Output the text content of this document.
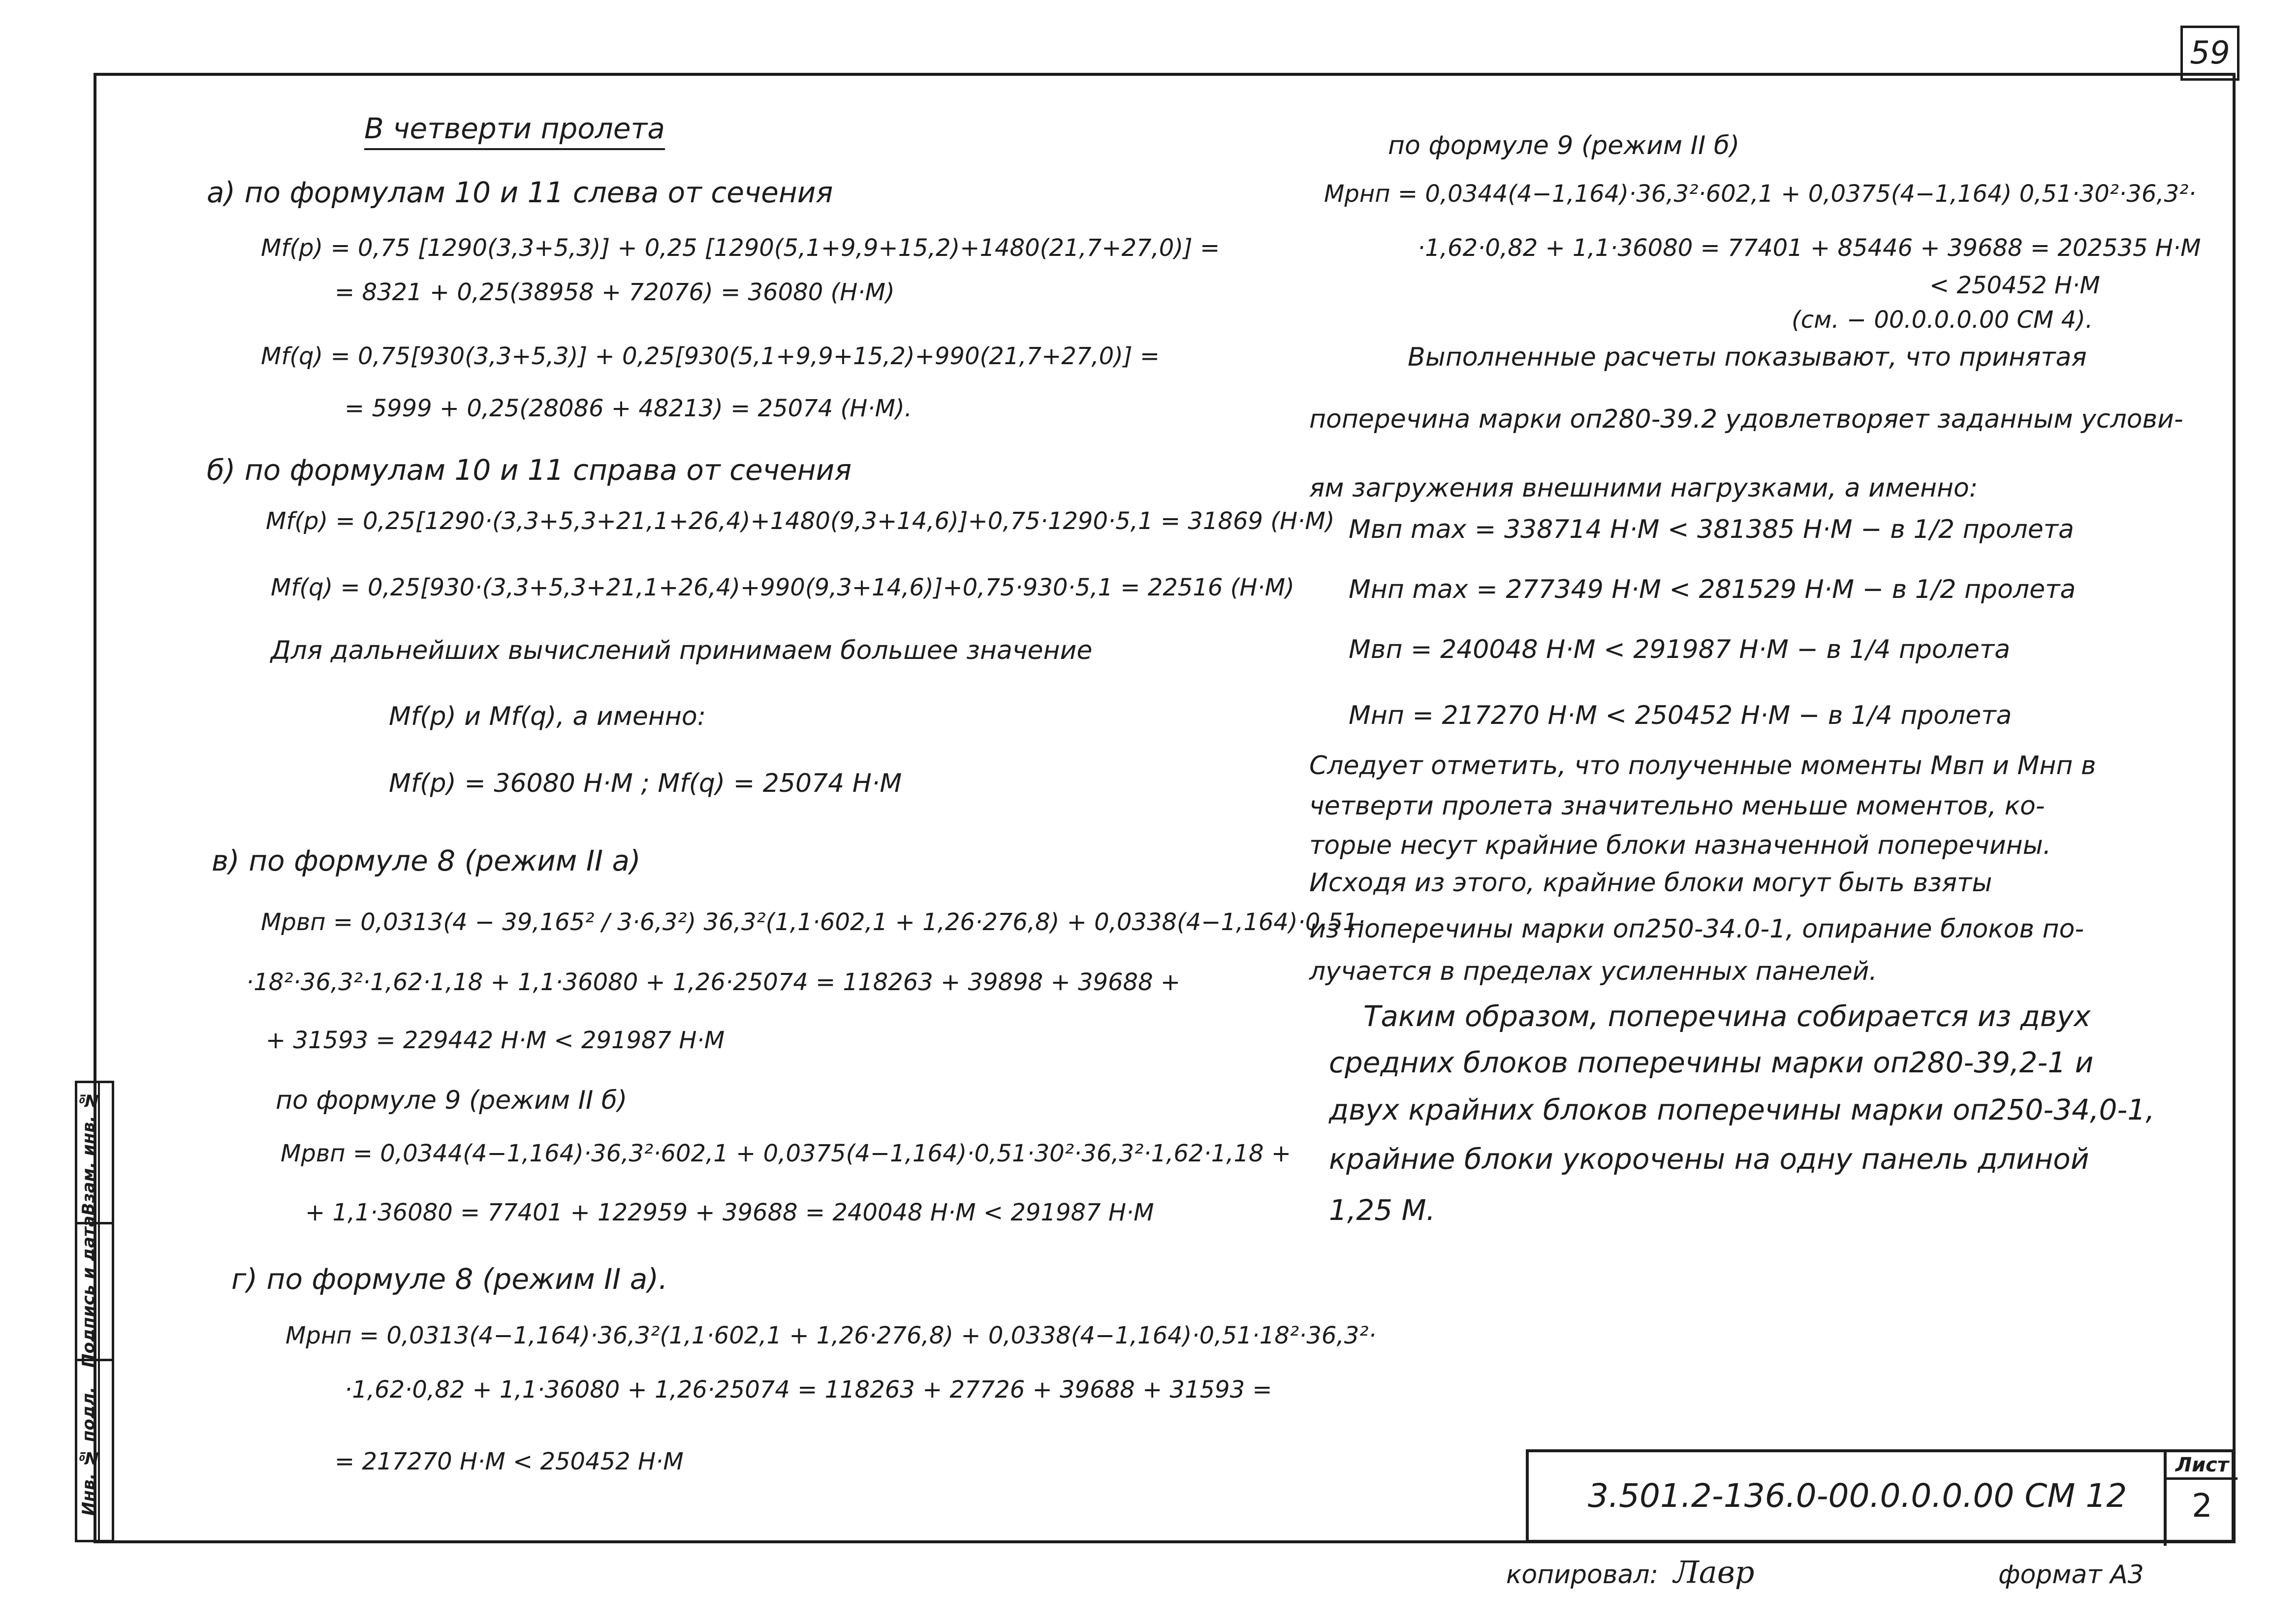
59
Взам. инв. №
Подпись и дата
Инв. № подл.
В четверти пролета
а) по формулам 10 и 11 слева от сечения
Mf(p) = 0,75 [1290(3,3+5,3)] + 0,25 [1290(5,1+9,9+15,2)+1480(21,7+27,0)] =
= 8321 + 0,25(38958 + 72076) = 36080 (Н·М)
Mf(q) = 0,75[930(3,3+5,3)] + 0,25[930(5,1+9,9+15,2)+990(21,7+27,0)] =
= 5999 + 0,25(28086 + 48213) = 25074 (Н·М).
б) по формулам 10 и 11 справа от сечения
Mf(p) = 0,25[1290·(3,3+5,3+21,1+26,4)+1480(9,3+14,6)]+0,75·1290·5,1 = 31869 (Н·М)
Mf(q) = 0,25[930·(3,3+5,3+21,1+26,4)+990(9,3+14,6)]+0,75·930·5,1 = 22516 (Н·М)
Для дальнейших вычислений принимаем большее значение
Mf(p) и Mf(q), а именно:
Mf(p) = 36080 Н·М ; Mf(q) = 25074 Н·М
в) по формуле 8 (режим II а)
Mpвп = 0,0313(4 − 39,165² / 3·6,3²) 36,3²(1,1·602,1 + 1,26·276,8) + 0,0338(4−1,164)·0,51·
·18²·36,3²·1,62·1,18 + 1,1·36080 + 1,26·25074 = 118263 + 39898 + 39688 +
+ 31593 = 229442 Н·М < 291987 Н·М
по формуле 9 (режим II б)
Mpвп = 0,0344(4−1,164)·36,3²·602,1 + 0,0375(4−1,164)·0,51·30²·36,3²·1,62·1,18 +
+ 1,1·36080 = 77401 + 122959 + 39688 = 240048 Н·М < 291987 Н·М
г) по формуле 8 (режим II а).
Mpнп = 0,0313(4−1,164)·36,3²(1,1·602,1 + 1,26·276,8) + 0,0338(4−1,164)·0,51·18²·36,3²·
·1,62·0,82 + 1,1·36080 + 1,26·25074 = 118263 + 27726 + 39688 + 31593 =
= 217270 Н·М < 250452 Н·М
по формуле 9 (режим II б)
Mpнп = 0,0344(4−1,164)·36,3²·602,1 + 0,0375(4−1,164) 0,51·30²·36,3²·
·1,62·0,82 + 1,1·36080 = 77401 + 85446 + 39688 = 202535 Н·М
< 250452 Н·М
(см. − 00.0.0.0.00 СМ 4).
Выполненные расчеты показывают, что принятая
поперечина марки оп280-39.2 удовлетворяет заданным услови-
ям загружения внешними нагрузками, а именно:
Мвп max = 338714 Н·М < 381385 Н·М − в 1/2 пролета
Мнп max = 277349 Н·М < 281529 Н·М − в 1/2 пролета
Мвп = 240048 Н·М < 291987 Н·М − в 1/4 пролета
Мнп = 217270 Н·М < 250452 Н·М − в 1/4 пролета
Следует отметить, что полученные моменты Мвп и Мнп в
четверти пролета значительно меньше моментов, ко-
торые несут крайние блоки назначенной поперечины.
Исходя из этого, крайние блоки могут быть взяты
из поперечины марки оп250-34.0-1, опирание блоков по-
лучается в пределах усиленных панелей.
Таким образом, поперечина собирается из двух
средних блоков поперечины марки оп280-39,2-1 и
двух крайних блоков поперечины марки оп250-34,0-1,
крайние блоки укорочены на одну панель длиной
1,25 М.
3.501.2-136.0-00.0.0.0.00 СМ 12
Лист
2
копировал: Лавр	формат А3
